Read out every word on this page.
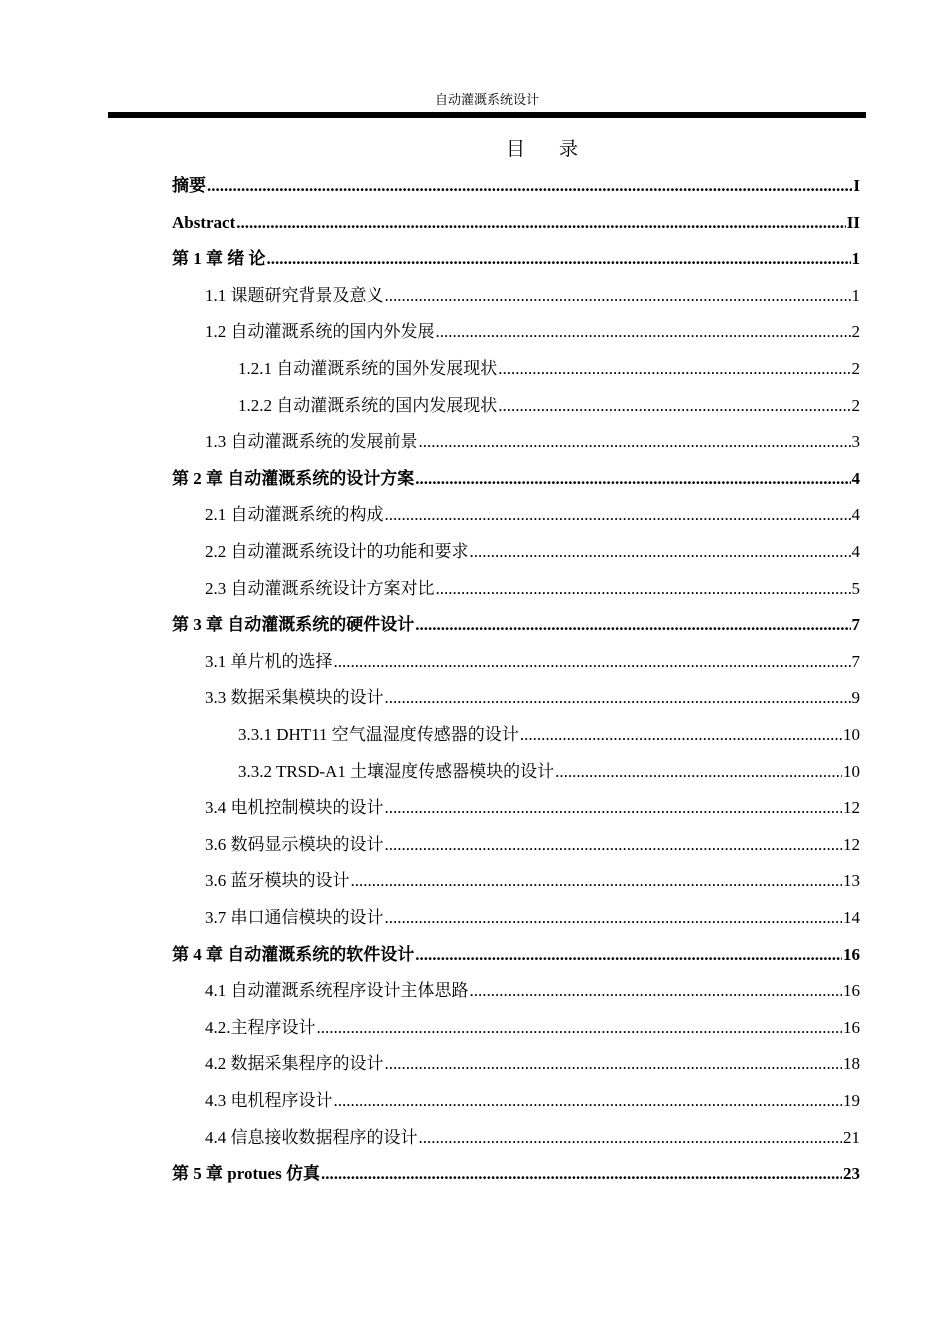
自动灌溉系统设计
目 录
摘要 .....	I
Abstract .....	II
第 1 章 绪 论 .....	1
1.1 课题研究背景及意义 .....	1
1.2 自动灌溉系统的国内外发展 .....	2
1.2.1 自动灌溉系统的国外发展现状 .....	2
1.2.2 自动灌溉系统的国内发展现状 .....	2
1.3 自动灌溉系统的发展前景 .....	3
第 2 章 自动灌溉系统的设计方案 .....	4
2.1 自动灌溉系统的构成 .....	4
2.2 自动灌溉系统设计的功能和要求 .....	4
2.3 自动灌溉系统设计方案对比 .....	5
第 3 章 自动灌溉系统的硬件设计 .....	7
3.1 单片机的选择 .....	7
3.3 数据采集模块的设计 .....	9
3.3.1 DHT11 空气温湿度传感器的设计 .....	10
3.3.2 TRSD-A1 土壤湿度传感器模块的设计 .....	10
3.4 电机控制模块的设计 .....	12
3.6 数码显示模块的设计 .....	12
3.6 蓝牙模块的设计 .....	13
3.7 串口通信模块的设计 .....	14
第 4 章 自动灌溉系统的软件设计 .....	16
4.1 自动灌溉系统程序设计主体思路 .....	16
4.2.主程序设计 .....	16
4.2 数据采集程序的设计 .....	18
4.3 电机程序设计 .....	19
4.4 信息接收数据程序的设计 .....	21
第 5 章 protues 仿真 .....	23
